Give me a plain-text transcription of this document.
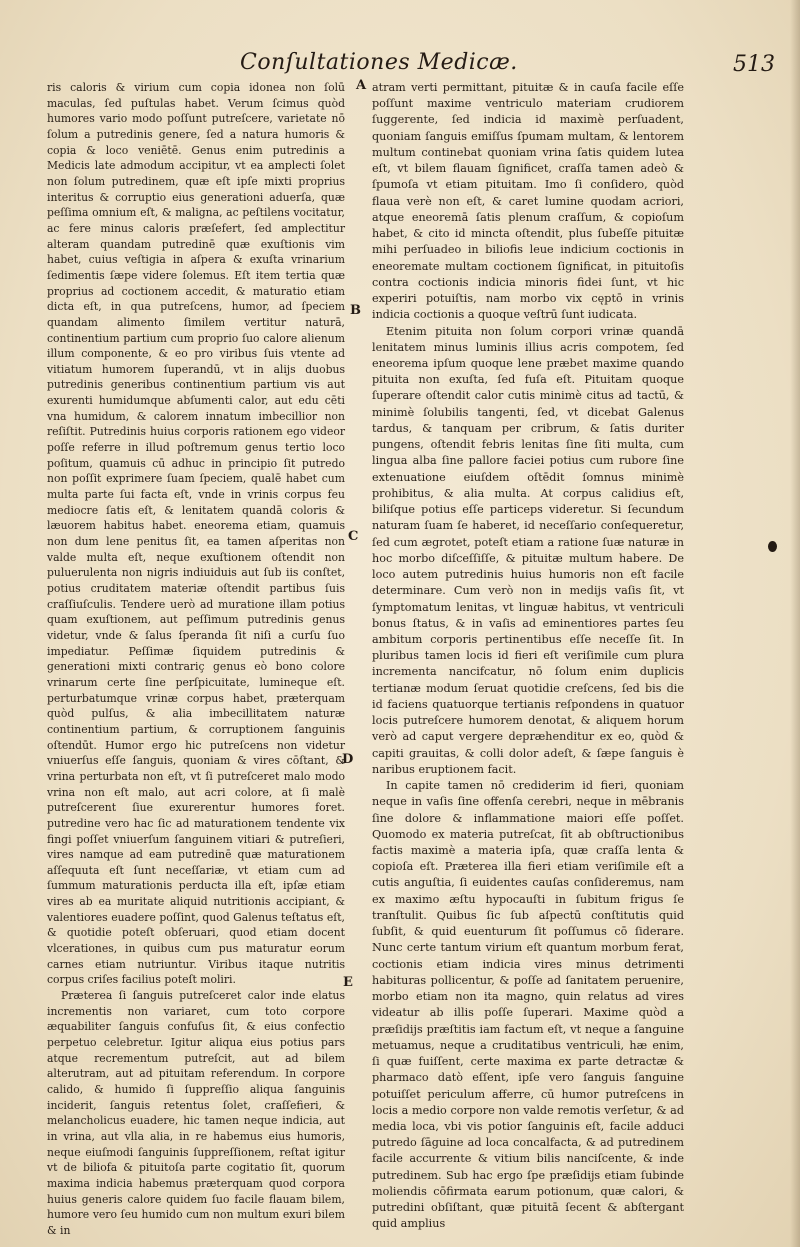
Conſultationes Medicæ.	513

ris caloris & virium cum copia idonea non ſolū maculas, ſed puſtulas habet. Verum ſcimus quòd humores vario modo poſſunt putreſcere, varietate nō ſolum a putredinis genere, ſed a natura humoris & copia & loco veniētē. Genus enim putredinis a Medicis late admodum accipitur, vt ea amplecti ſolet non ſolum putredinem, quæ eſt ipſe mixti proprius interitus & corruptio eius generationi aduerſa, quæ peſſima omnium eſt, & maligna, ac peſtilens vocitatur, ac fere minus caloris præſefert, ſed amplectitur alteram quandam putredinē quæ exuſtionis vim habet, cuius veſtigia in aſpera & exuſta vrinarium ſedimentis ſæpe videre ſolemus. Eſt item tertia quæ proprius ad coctionem accedit, & maturatio etiam dicta eſt, in qua putreſcens, humor, ad ſpeciem quandam alimento ſimilem vertitur naturā, continentium partium cum proprio ſuo calore alienum illum componente, & eo pro viribus ſuis vtente ad vitiatum humorem ſuperandū, vt in alijs duobus putredinis generibus continentium partium vis aut exurenti humidumque abſumenti calor, aut edu cēti vna humidum, & calorem innatum imbecillior non reſiſtit. Putredinis huius corporis rationem ego videor poſſe referre in illud poſtremum genus tertio loco poſitum, quamuis cū adhuc in principio ſit putredo non poſſit exprimere ſuam ſpeciem, qualē habet cum multa parte ſui facta eſt, vnde in vrinis corpus feu mediocre ſatis eſt, & lenitatem quandā coloris & læuorem habitus habet. eneorema etiam, quamuis non dum lene penitus ſit, ea tamen aſperitas non valde multa eſt, neque exuſtionem oſtendit non puluerulenta non nigris indiuiduis aut ſub iis conſtet, potius cruditatem materiæ oſtendit partibus ſuis craſſiuſculis. Tendere uerò ad muratione illam potius quam exuſtionem, aut peſſimum putredinis genus videtur, vnde & ſalus ſperanda ſit niſi a curſu ſuo impediatur. Peſſimæ ſiquidem putredinis & generationi mixti contrariç genus eò bono colore vrinarum certe ſine perſpicuitate, lumineque eſt. perturbatumque vrinæ corpus habet, præterquam quòd pulſus, & alia imbecillitatem naturæ continentium partium, & corruptionem ſanguinis oſtendūt. Humor ergo hic putreſcens non videtur vniuerſus eſſe ſanguis, quoniam & vires cōſtant, & vrina perturbata non eſt, vt ſi putreſceret malo modo vrina non eſt malo, aut acri colore, at ſi malè putreſcerent ſiue exurerentur humores foret. putredine vero hac ſic ad maturationem tendente vix fingi poſſet vniuerſum ſanguinem vitiari & putreſieri, vires namque ad eam putredinē quæ maturationem aſſequuta eſt ſunt neceſſariæ, vt etiam cum ad ſummum maturationis perducta illa eſt, ipſæ etiam vires ab ea muritate aliquid nutritionis accipiant, & valentiores euadere poſſint, quod Galenus teſtatus eſt, & quotidie poteſt obſeruari, quod etiam docent vlcerationes, in quibus cum pus maturatur eorum carnes etiam nutriuntur. Viribus itaque nutritis corpus criſes facilius poteſt moliri.

Præterea ſi ſanguis putreſceret calor inde elatus incrementis non variaret, cum toto corpore æquabiliter ſanguis confuſus ſit, & eius confectio perpetuo celebretur. Igitur aliqua eius potius pars atque recrementum putreſcit, aut ad bilem alterutram, aut ad pituitam referendum. In corpore calido, & humido ſi ſuppreſſio aliqua ſanguinis inciderit, ſanguis retentus ſolet, craſſefieri, & melancholicus euadere, hic tamen neque indicia, aut in vrina, aut vlla alia, in re habemus eius humoris, neque eiuſmodi ſanguinis ſuppreſſionem, reſtat igitur vt de biliofa & pituitoſa parte cogitatio ſit, quorum maxima indicia habemus præterquam quod corpora huius generis calore quidem ſuo facile flauam bilem, humore vero ſeu humido cum non multum exuri bilem & in

A
B
C
D
E

atram verti permittant, pituitæ & in cauſa facile eſſe poſſunt maxime ventriculo materiam crudiorem ſuggerente, ſed indicia id maximè perſuadent, quoniam ſanguis emiſſus ſpumam multam, & lentorem multum continebat quoniam vrina ſatis quidem lutea eſt, vt bilem flauam ſignificet, craſſa tamen adeò & ſpumoſa vt etiam pituitam. Imo ſi conſidero, quòd flaua verè non eſt, & caret lumine quodam acriori, atque eneoremā ſatis plenum craſſum, & copioſum habet, & cito id mincta oſtendit, plus ſubeſſe pituitæ mihi perſuadeo in biliofis leue indicium coctionis in eneoremate multam coctionem ſignificat, in pituitoſis contra coctionis indicia minoris fidei ſunt, vt hic experiri potuiſtis, nam morbo vix cęptō in vrinis indicia coctionis a quoque veſtrū ſunt iudicata.

Etenim pituita non ſolum corpori vrinæ quandā lenitatem minus luminis illius acris compotem, ſed eneorema ipſum quoque lene præbet maxime quando pituita non exuſta, ſed fuſa eſt. Pituitam quoque ſuperare oſtendit calor cutis minimè citus ad tactū, & minimè ſolubilis tangenti, ſed, vt dicebat Galenus tardus, & tanquam per cribrum, & ſatis duriter pungens, oſtendit febris lenitas ſine ſiti multa, cum lingua alba ſine pallore faciei potius cum rubore ſine extenuatione eiuſdem oſtēdit ſomnus minimè prohibitus, & alia multa. At corpus calidius eſt, biliſque potius eſſe particeps videretur. Si ſecundum naturam ſuam ſe haberet, id neceſſario conſequeretur, ſed cum ægrotet, poteſt etiam a ratione ſuæ naturæ in hoc morbo diſceſſiſſe, & pituitæ multum habere. De loco autem putredinis huius humoris non eſt facile determinare. Cum verò non in medijs vaſis ſit, vt ſymptomatum lenitas, vt linguæ habitus, vt ventriculi bonus ſtatus, & in vaſis ad eminentiores partes ſeu ambitum corporis pertinentibus eſſe neceſſe ſit. In pluribus tamen locis id fieri eſt veriſimile cum plura incrementa nancifcatur, nō ſolum enim duplicis tertianæ modum ſeruat quotidie creſcens, ſed bis die id faciens quatuorque tertianis reſpondens in quatuor locis putreſcere humorem denotat, & aliquem horum verò ad caput vergere depræhenditur ex eo, quòd & capiti grauitas, & colli dolor adeſt, & ſæpe ſanguis è naribus eruptionem facit.

In capite tamen nō crediderim id fieri, quoniam neque in vaſis ſine offenſa cerebri, neque in mēbranis ſine dolore & inflammatione maiori eſſe poſſet. Quomodo ex materia putreſcat, ſit ab obſtructionibus factis maximè a materia ipſa, quæ craſſa lenta & copioſa eſt. Præterea illa fieri etiam veriſimile eſt a cutis anguſtia, ſi euidentes cauſas conſideremus, nam ex maximo æſtu hypocauſti in ſubitum frigus ſe tranſtulit. Quibus ſic ſub aſpectū conſtitutis quid ſubſit, & quid euenturum ſit poſſumus cō ſiderare. Nunc certe tantum virium eſt quantum morbum ferat, coctionis etiam indicia vires minus detrimenti habituras pollicentur, & poſſe ad ſanitatem peruenire, morbo etiam non ita magno, quin relatus ad vires videatur ab illis poſſe ſuperari. Maxime quòd a præſidijs præſtitis iam factum eſt, vt neque a ſanguine metuamus, neque a cruditatibus ventriculi, hæ enim, ſi quæ fuiſſent, certe maxima ex parte detractæ & pharmaco datò eſſent, ipſe vero ſanguis ſanguine potuiſſet periculum afferre, cū humor putreſcens in locis a medio corpore non valde remotis verſetur, & ad media loca, vbi vis potior ſanguinis eſt, facile adduci putredo ſāguine ad loca concalfacta, & ad putredinem facile accurrente & vitium bilis nanciſcente, & inde putredinem. Sub hac ergo ſpe præſidijs etiam ſubinde moliendis cōfirmata earum potionum, quæ calori, & putredini obſiſtant, quæ pituitā ſecent & abſtergant quid amplius
